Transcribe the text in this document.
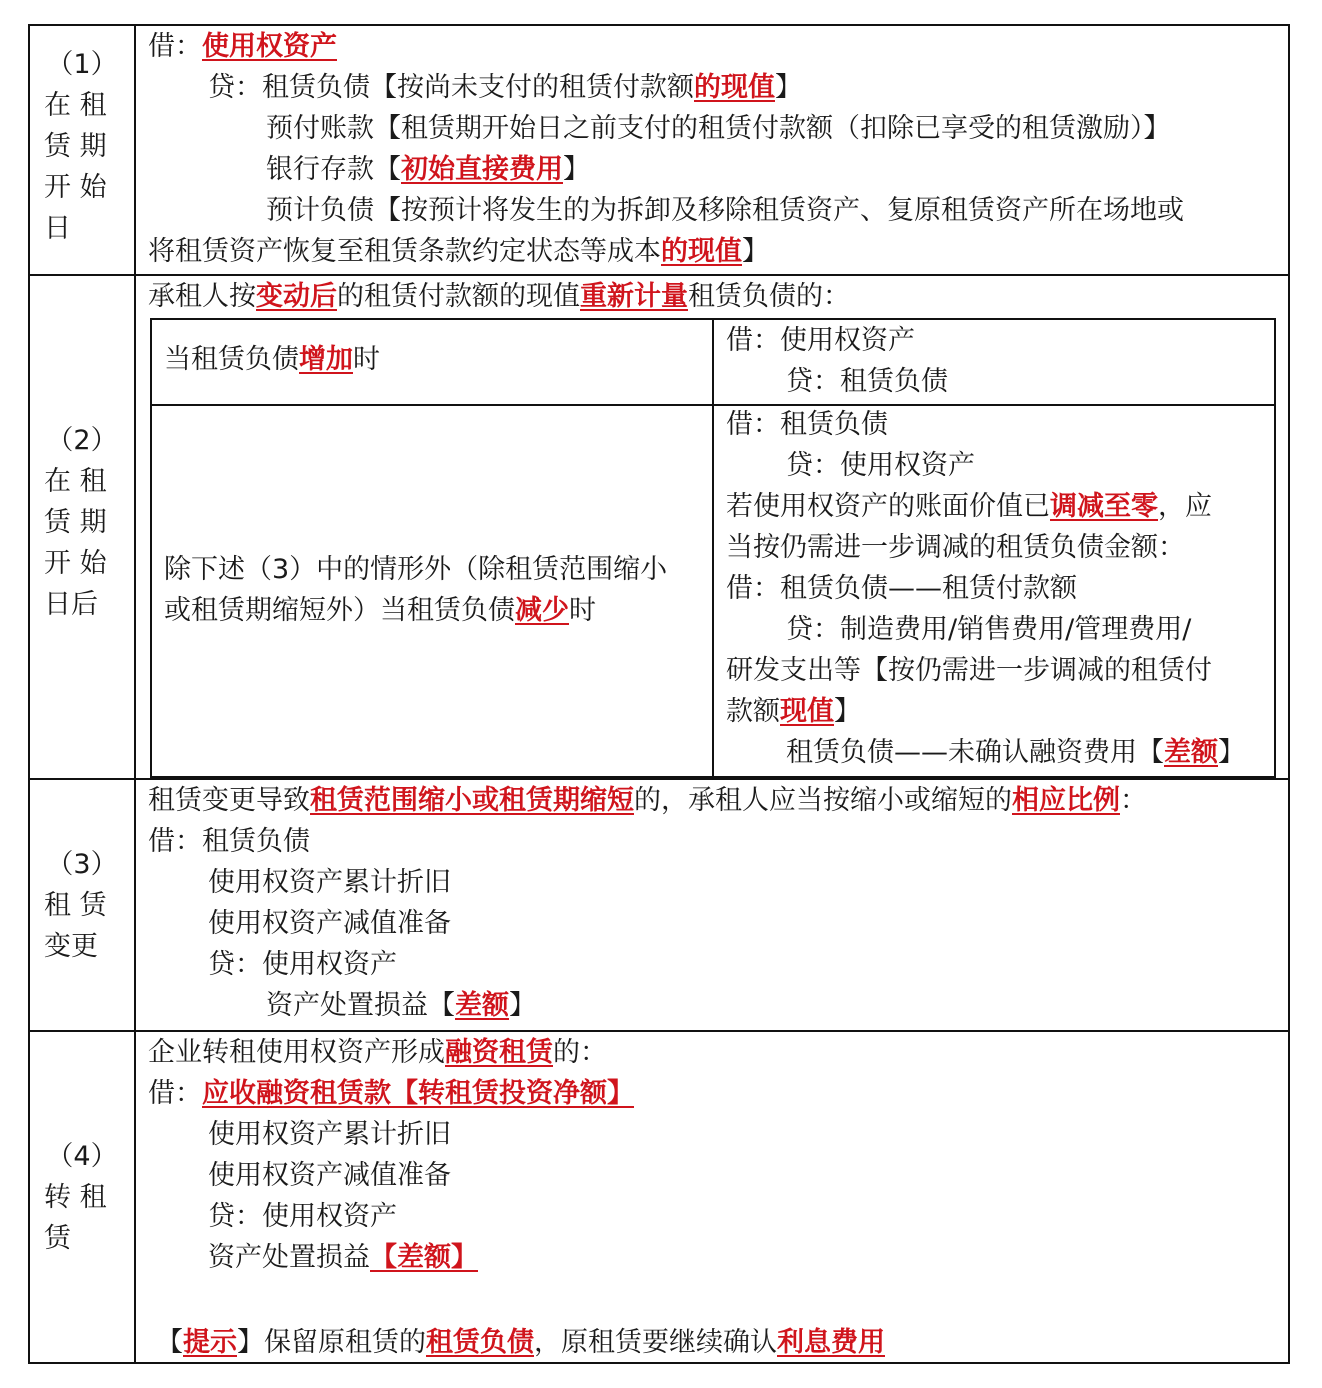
（1）
在 租
赁 期
开 始
日
借：使用权资产
贷：租赁负债【按尚未支付的租赁付款额的现值】
预付账款【租赁期开始日之前支付的租赁付款额（扣除已享受的租赁激励）】
银行存款【初始直接费用】
预计负债【按预计将发生的为拆卸及移除租赁资产、复原租赁资产所在场地或
将租赁资产恢复至租赁条款约定状态等成本的现值】
（2）
在 租
赁 期
开 始
日后
承租人按变动后的租赁付款额的现值重新计量租赁负债的：
当租赁负债增加时
借：使用权资产
贷：租赁负债
除下述（3）中的情形外（除租赁范围缩小
或租赁期缩短外）当租赁负债减少时
借：租赁负债
贷：使用权资产
若使用权资产的账面价值已调减至零，应
当按仍需进一步调减的租赁负债金额：
借：租赁负债——租赁付款额
贷：制造费用/销售费用/管理费用/
研发支出等【按仍需进一步调减的租赁付
款额现值】
租赁负债——未确认融资费用【差额】
（3）
租 赁
变更
租赁变更导致租赁范围缩小或租赁期缩短的，承租人应当按缩小或缩短的相应比例：
借：租赁负债
使用权资产累计折旧
使用权资产减值准备
贷：使用权资产
资产处置损益【差额】
（4）
转 租
赁
企业转租使用权资产形成融资租赁的：
借：应收融资租赁款【转租赁投资净额】
使用权资产累计折旧
使用权资产减值准备
贷：使用权资产
资产处置损益【差额】
【提示】保留原租赁的租赁负债，原租赁要继续确认利息费用
